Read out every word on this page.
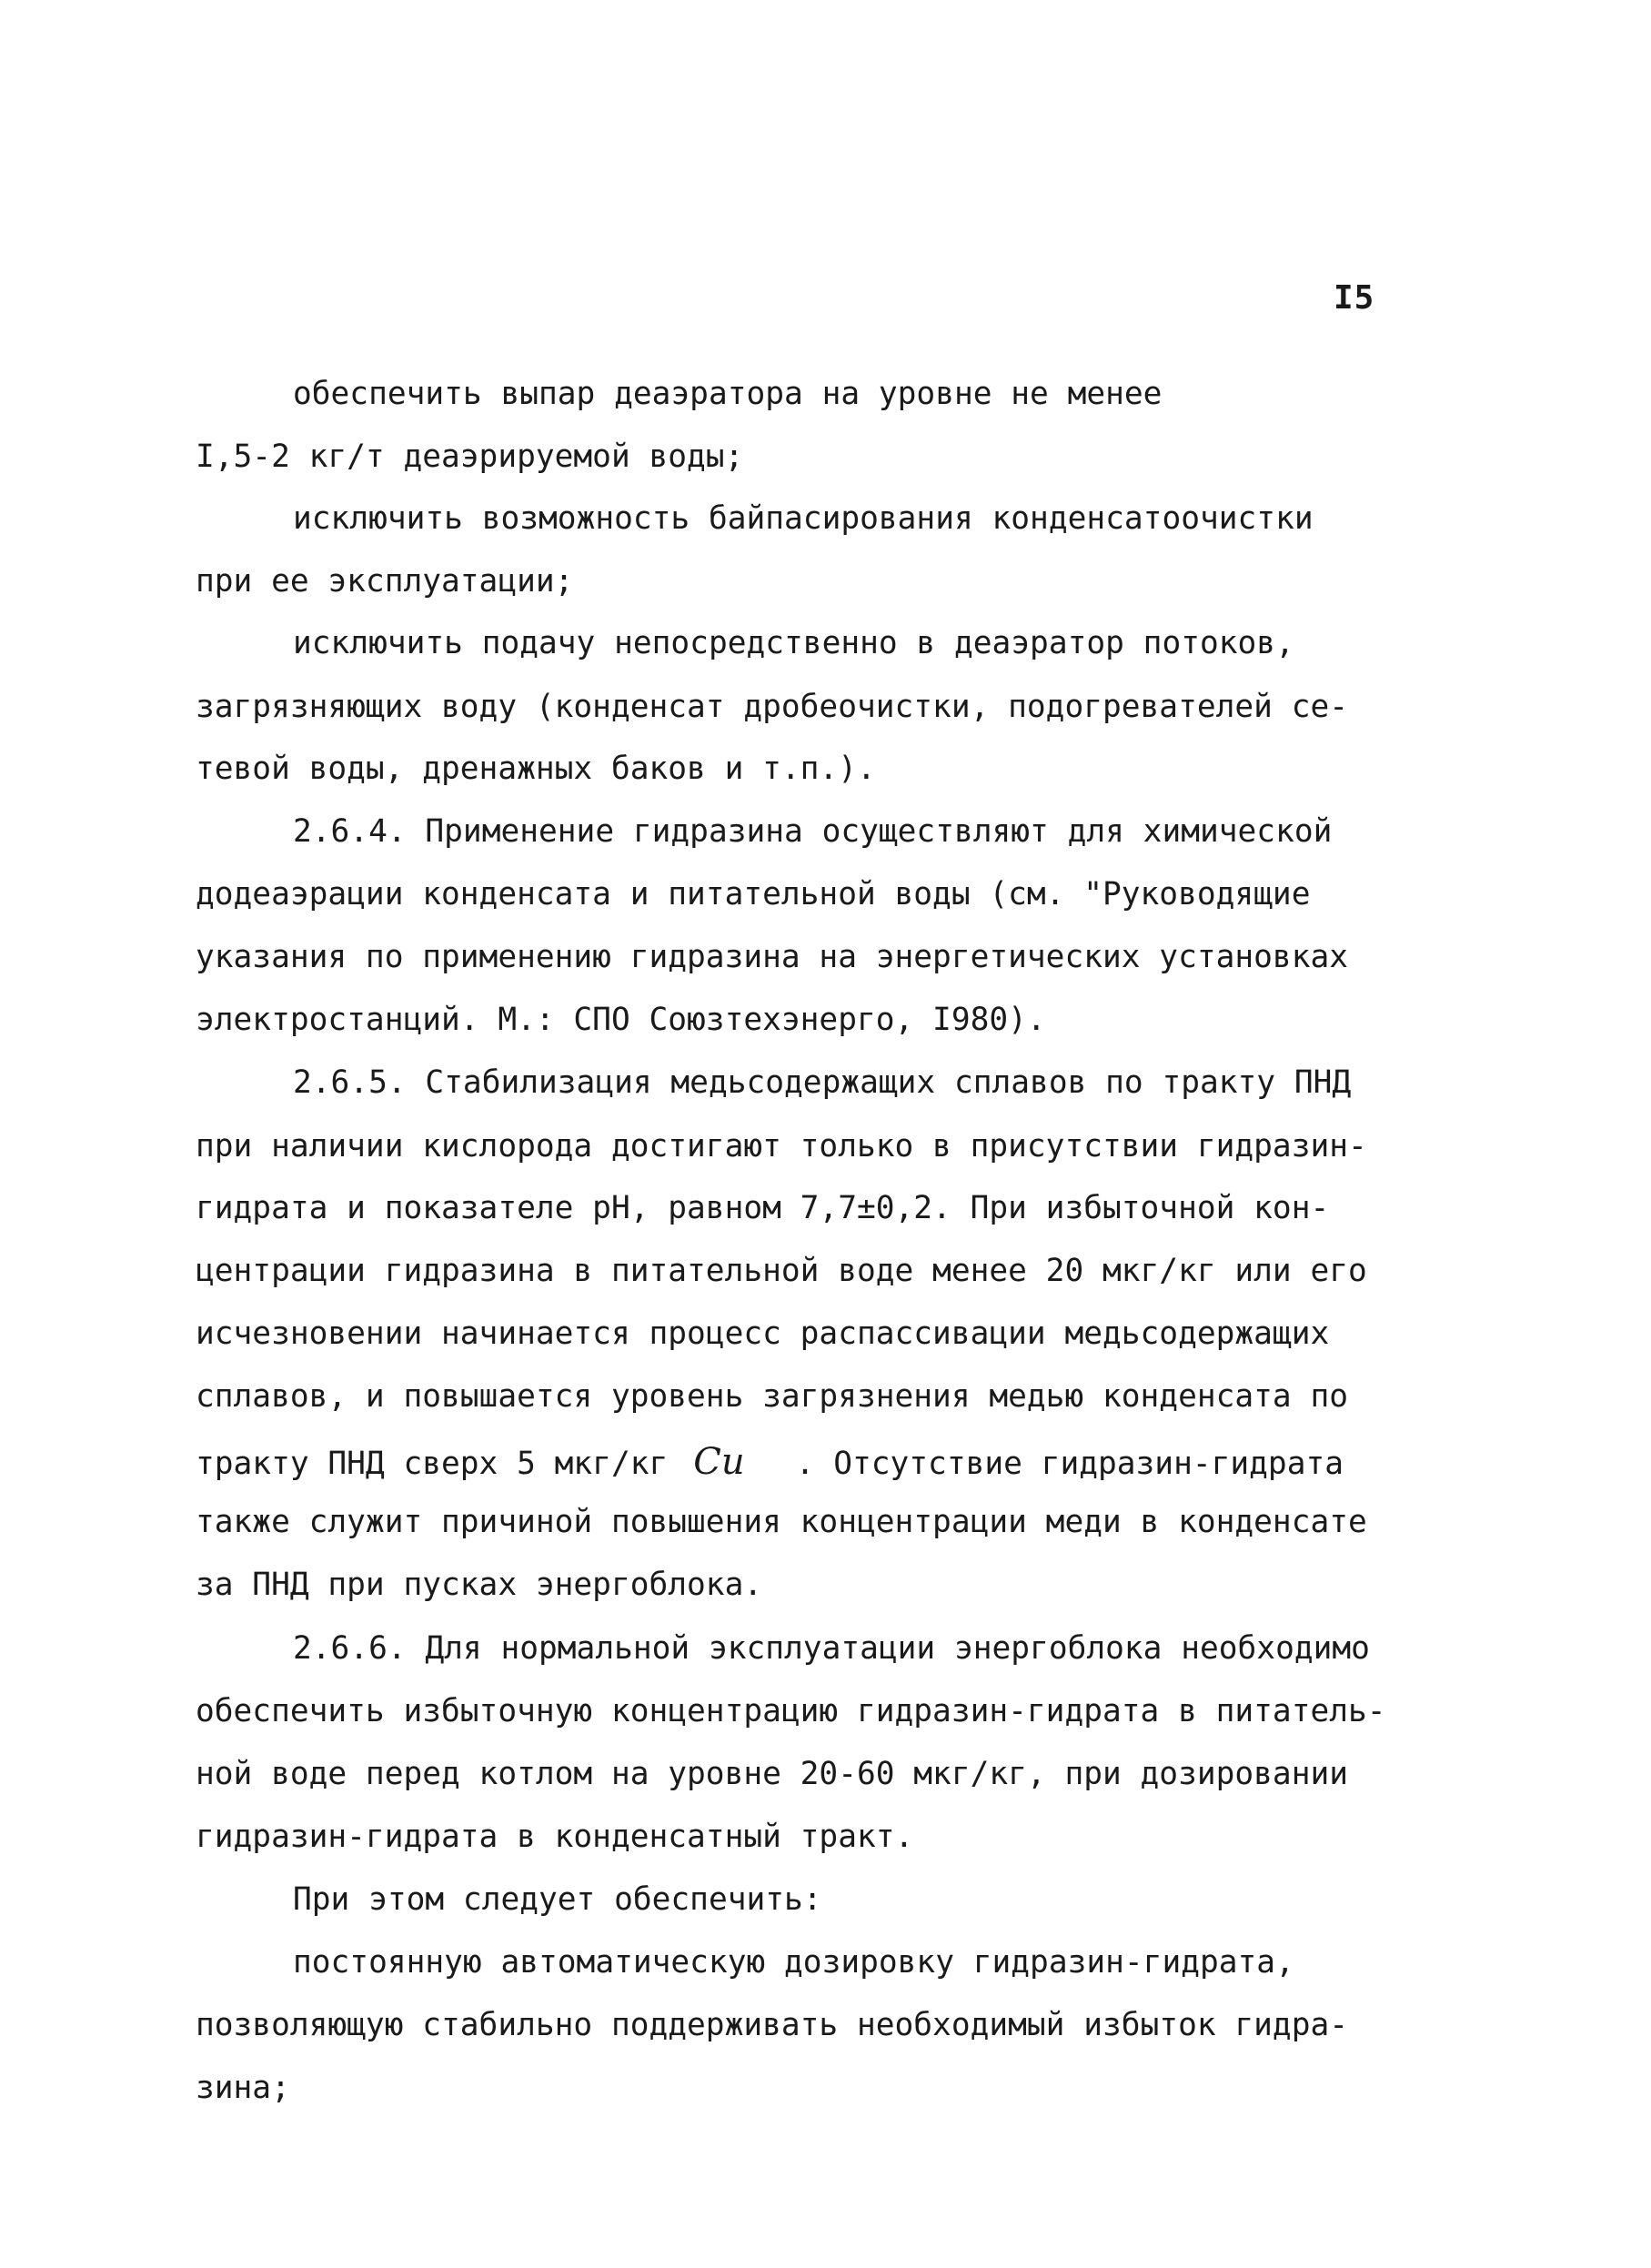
I5
обеспечить выпар деаэратора на уровне не менее
I,5-2 кг/т деаэрируемой воды;
исключить возможность байпасирования конденсатоочистки
при ее эксплуатации;
исключить подачу непосредственно в деаэратор потоков,
загрязняющих воду (конденсат дробеочистки, подогревателей се-
тевой воды, дренажных баков и т.п.).
2.6.4. Применение гидразина осуществляют для химической
додеаэрации конденсата и питательной воды (см. "Руководящие
указания по применению гидразина на энергетических установках
электростанций. М.: СПО Союзтехэнерго, I980).
2.6.5. Стабилизация медьсодержащих сплавов по тракту ПНД
при наличии кислорода достигают только в присутствии гидразин-
гидрата и показателе рН, равном 7,7±0,2. При избыточной кон-
центрации гидразина в питательной воде менее 20 мкг/кг или его
исчезновении начинается процесс распассивации медьсодержащих
сплавов, и повышается уровень загрязнения медью конденсата по
тракту ПНД сверх 5 мкг/кг Cu . Отсутствие гидразин-гидрата
также служит причиной повышения концентрации меди в конденсате
за ПНД при пусках энергоблока.
2.6.6. Для нормальной эксплуатации энергоблока необходимо
обеспечить избыточную концентрацию гидразин-гидрата в питатель-
ной воде перед котлом на уровне 20-60 мкг/кг, при дозировании
гидразин-гидрата в конденсатный тракт.
При этом следует обеспечить:
постоянную автоматическую дозировку гидразин-гидрата,
позволяющую стабильно поддерживать необходимый избыток гидра-
зина;
